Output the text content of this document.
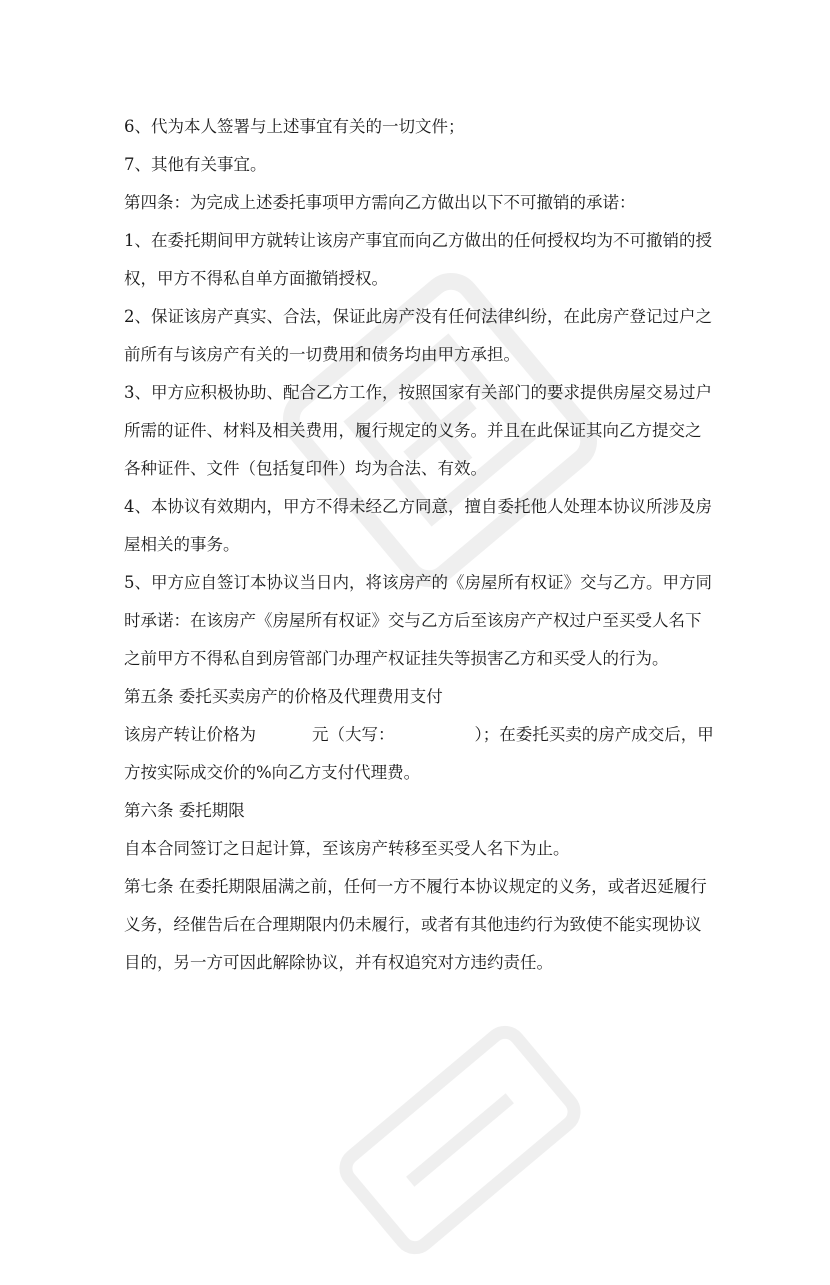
6、代为本人签署与上述事宜有关的一切文件；

7、其他有关事宜。

第四条：为完成上述委托事项甲方需向乙方做出以下不可撤销的承诺：

1、在委托期间甲方就转让该房产事宜而向乙方做出的任何授权均为不可撤销的授权，甲方不得私自单方面撤销授权。

2、保证该房产真实、合法，保证此房产没有任何法律纠纷，在此房产登记过户之前所有与该房产有关的一切费用和债务均由甲方承担。

3、甲方应积极协助、配合乙方工作，按照国家有关部门的要求提供房屋交易过户所需的证件、材料及相关费用，履行规定的义务。并且在此保证其向乙方提交之各种证件、文件（包括复印件）均为合法、有效。

4、本协议有效期内，甲方不得未经乙方同意，擅自委托他人处理本协议所涉及房屋相关的事务。

5、甲方应自签订本协议当日内，将该房产的《房屋所有权证》交与乙方。甲方同时承诺：在该房产《房屋所有权证》交与乙方后至该房产产权过户至买受人名下之前甲方不得私自到房管部门办理产权证挂失等损害乙方和买受人的行为。

第五条 委托买卖房产的价格及代理费用支付

该房产转让价格为	元（大写：	）；在委托买卖的房产成交后，甲方按实际成交价的%向乙方支付代理费。

第六条 委托期限

自本合同签订之日起计算，至该房产转移至买受人名下为止。

第七条 在委托期限届满之前，任何一方不履行本协议规定的义务，或者迟延履行义务，经催告后在合理期限内仍未履行，或者有其他违约行为致使不能实现协议目的，另一方可因此解除协议，并有权追究对方违约责任。
